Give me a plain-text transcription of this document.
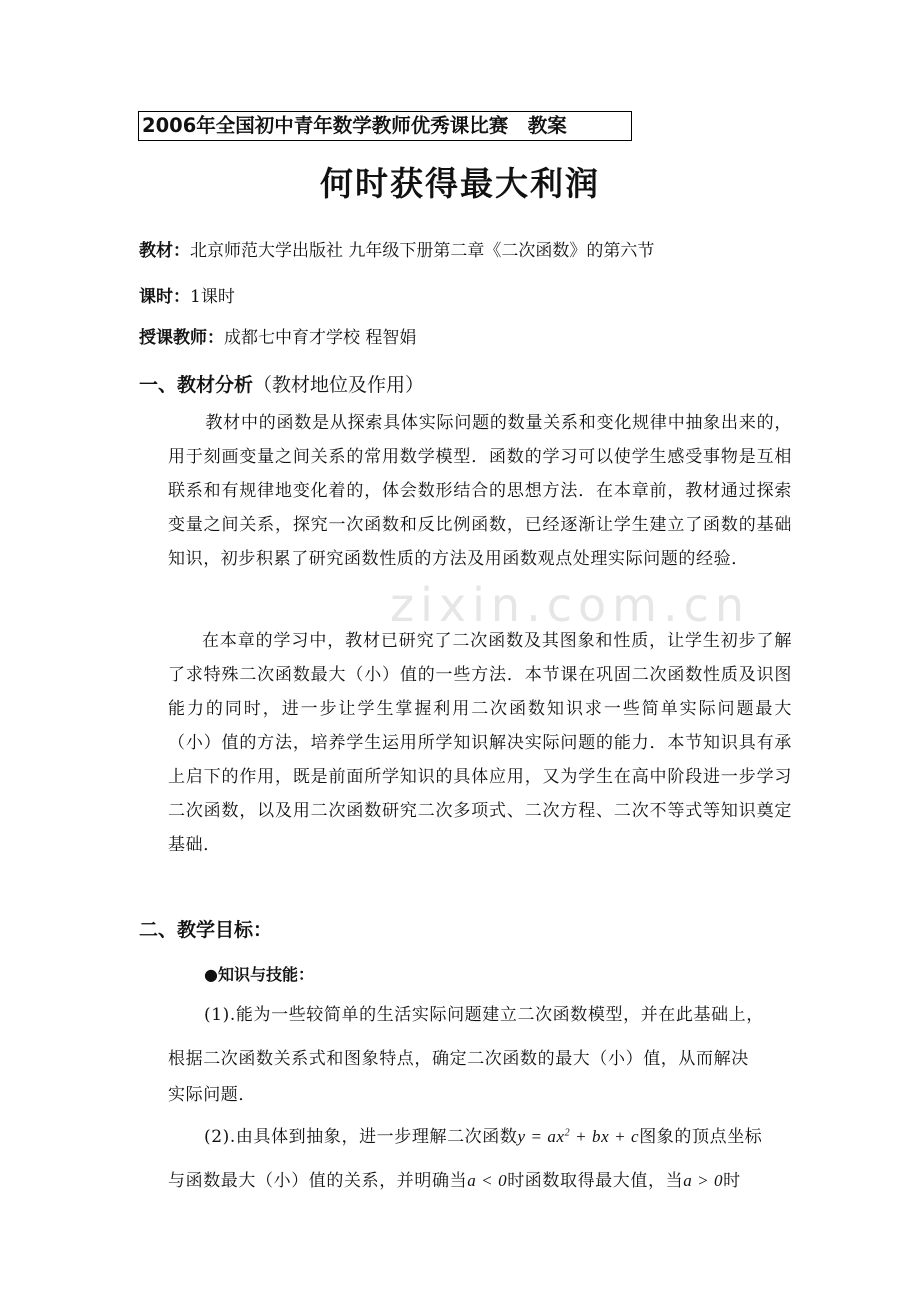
zixin.com.cn
2006年全国初中青年数学教师优秀课比赛　教案
何时获得最大利润
教材：北京师范大学出版社 九年级下册第二章《二次函数》的第六节
课时：1课时
授课教师：成都七中育才学校 程智娟
一、教材分析（教材地位及作用）
教材中的函数是从探索具体实际问题的数量关系和变化规律中抽象出来的，用于刻画变量之间关系的常用数学模型．函数的学习可以使学生感受事物是互相联系和有规律地变化着的，体会数形结合的思想方法．在本章前，教材通过探索变量之间关系，探究一次函数和反比例函数，已经逐渐让学生建立了函数的基础知识，初步积累了研究函数性质的方法及用函数观点处理实际问题的经验．
在本章的学习中，教材已研究了二次函数及其图象和性质，让学生初步了解了求特殊二次函数最大（小）值的一些方法．本节课在巩固二次函数性质及识图能力的同时，进一步让学生掌握利用二次函数知识求一些简单实际问题最大（小）值的方法，培养学生运用所学知识解决实际问题的能力．本节知识具有承上启下的作用，既是前面所学知识的具体应用，又为学生在高中阶段进一步学习二次函数，以及用二次函数研究二次多项式、二次方程、二次不等式等知识奠定基础．
二、教学目标：
●知识与技能：
(1).能为一些较简单的生活实际问题建立二次函数模型，并在此基础上，
根据二次函数关系式和图象特点，确定二次函数的最大（小）值，从而解决
实际问题．
(2).由具体到抽象，进一步理解二次函数$y = ax^2$ + bx + c图象的顶点坐标
与函数最大（小）值的关系，并明确当a < 0时函数取得最大值，当a > 0时
